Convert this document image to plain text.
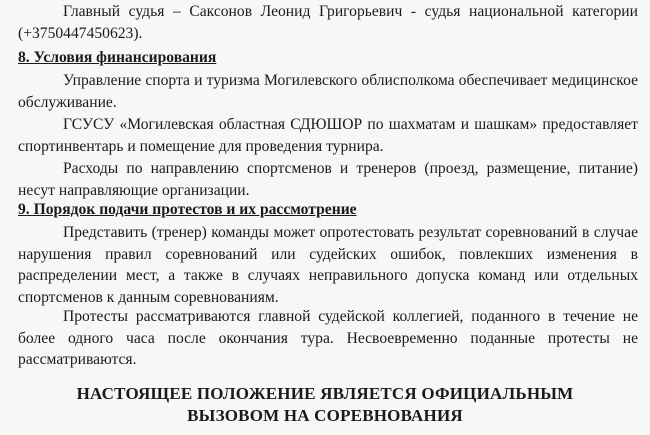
Главный судья – Саксонов Леонид Григорьевич - судья национальной категории (+3750447450623).

8. Условия финансирования

Управление спорта и туризма Могилевского облисполкома обеспечивает медицинское обслуживание.

ГСУСУ «Могилевская областная СДЮШОР по шахматам и шашкам» предоставляет спортинвентарь и помещение для проведения турнира.

Расходы по направлению спортсменов и тренеров (проезд, размещение, питание) несут направляющие организации.

9. Порядок подачи протестов и их рассмотрение

Представить (тренер) команды может опротестовать результат соревнований в случае нарушения правил соревнований или судейских ошибок, повлекших изменения в распределении мест, а также в случаях неправильного допуска команд или отдельных спортсменов к данным соревнованиям.

Протесты рассматриваются главной судейской коллегией, поданного в течение не более одного часа после окончания тура. Несвоевременно поданные протесты не рассматриваются.

НАСТОЯЩЕЕ ПОЛОЖЕНИЕ ЯВЛЯЕТСЯ ОФИЦИАЛЬНЫМ
ВЫЗОВОМ НА СОРЕВНОВАНИЯ
